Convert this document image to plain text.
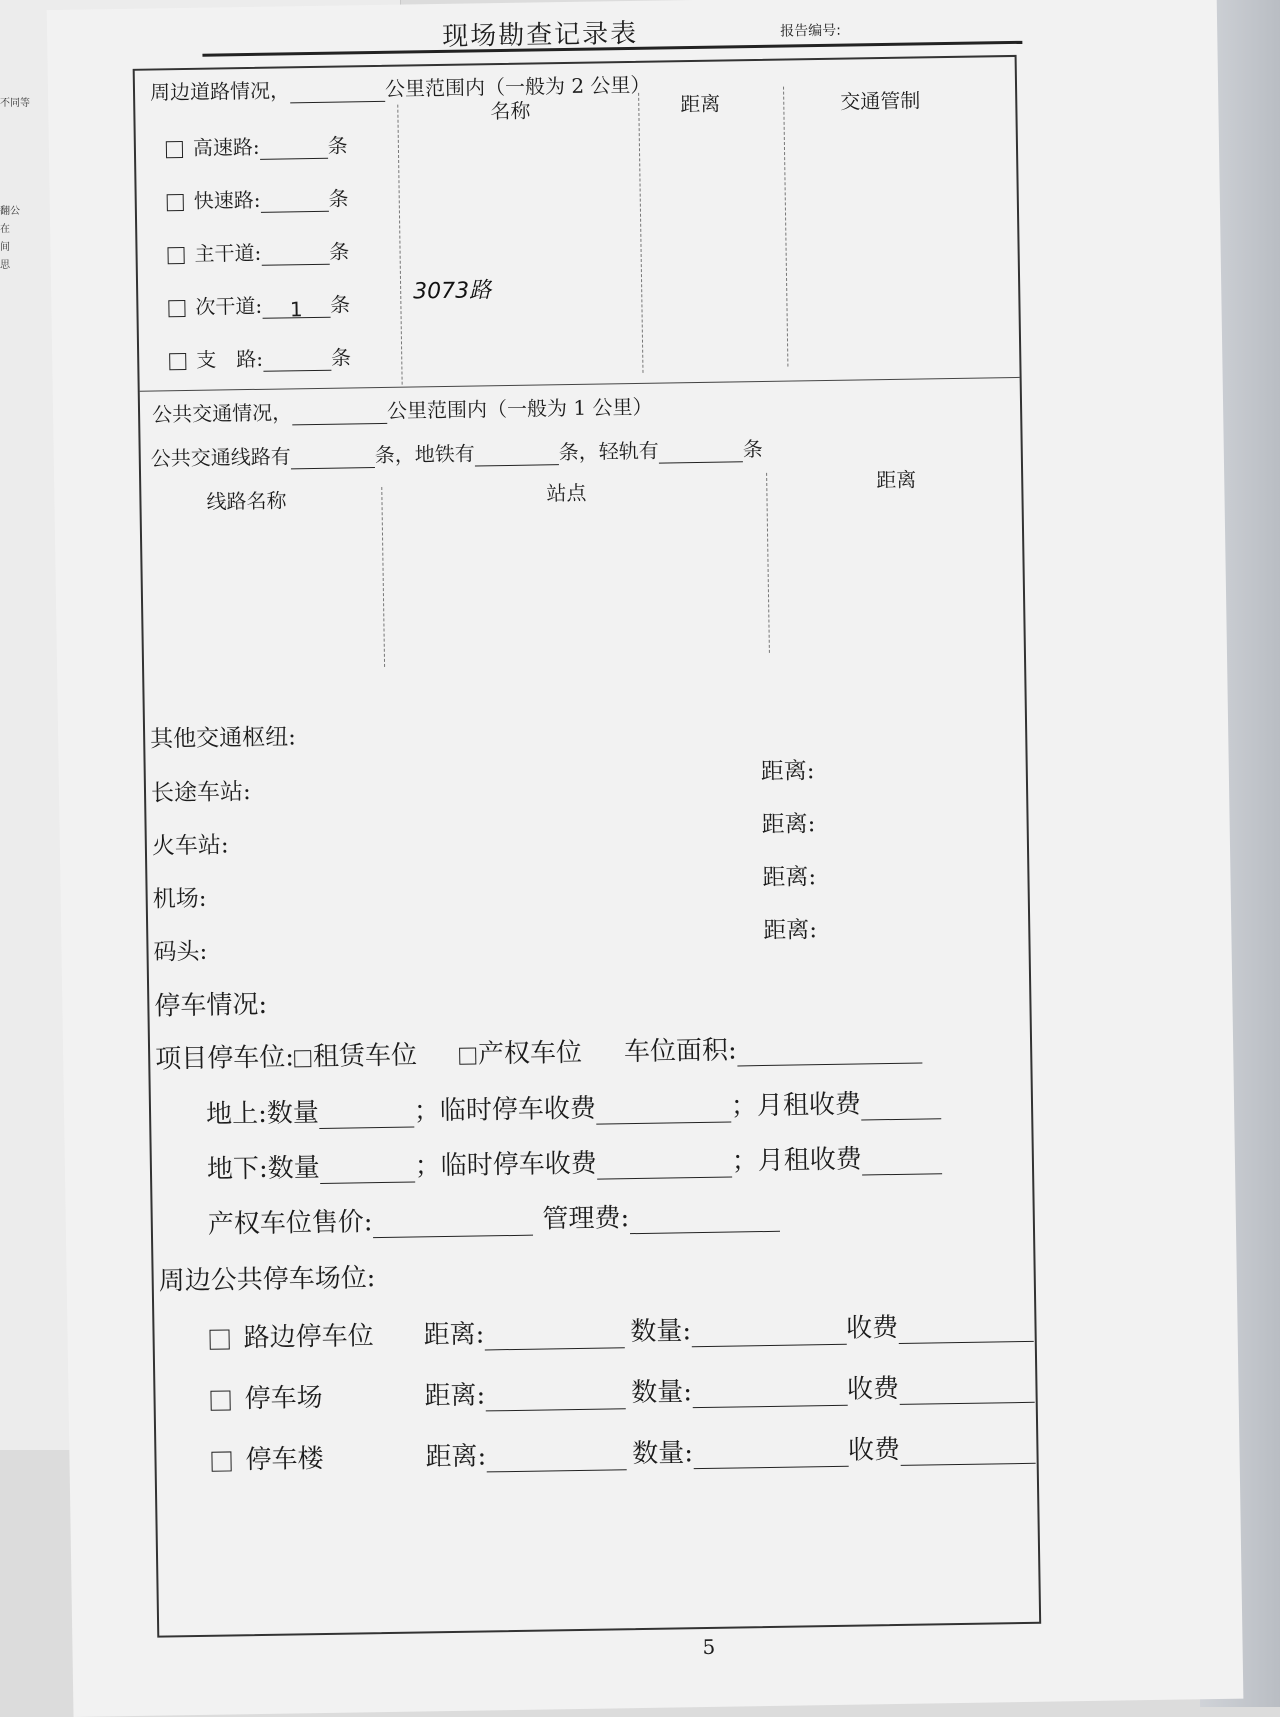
不同等

翻公
在
间
思
现场勘查记录表	报告编号:
周边道路情况，	公里范围内（一般为 2 公里）
名称	距离	交通管制
高速路:	条
快速路:	条
主干道:	条
次干道: 1 条
支　路:	条
3073路
公共交通情况，	公里范围内（一般为 1 公里）
公共交通线路有	条，地铁有	条，轻轨有	条
线路名称	站点
距离
其他交通枢纽:
长途车站:
距离:
火车站:
距离:
机场:
距离:
码头:
距离:
停车情况:
项目停车位: 租赁车位 产权车位 车位面积:
地上:数量	；临时停车收费	；月租收费
地下:数量	；临时停车收费	；月租收费
产权车位售价:	管理费:
周边公共停车场位:
路边停车位 距离:	数量:	收费
停车场	距离:	数量:	收费
停车楼	距离:	数量:	收费
5
